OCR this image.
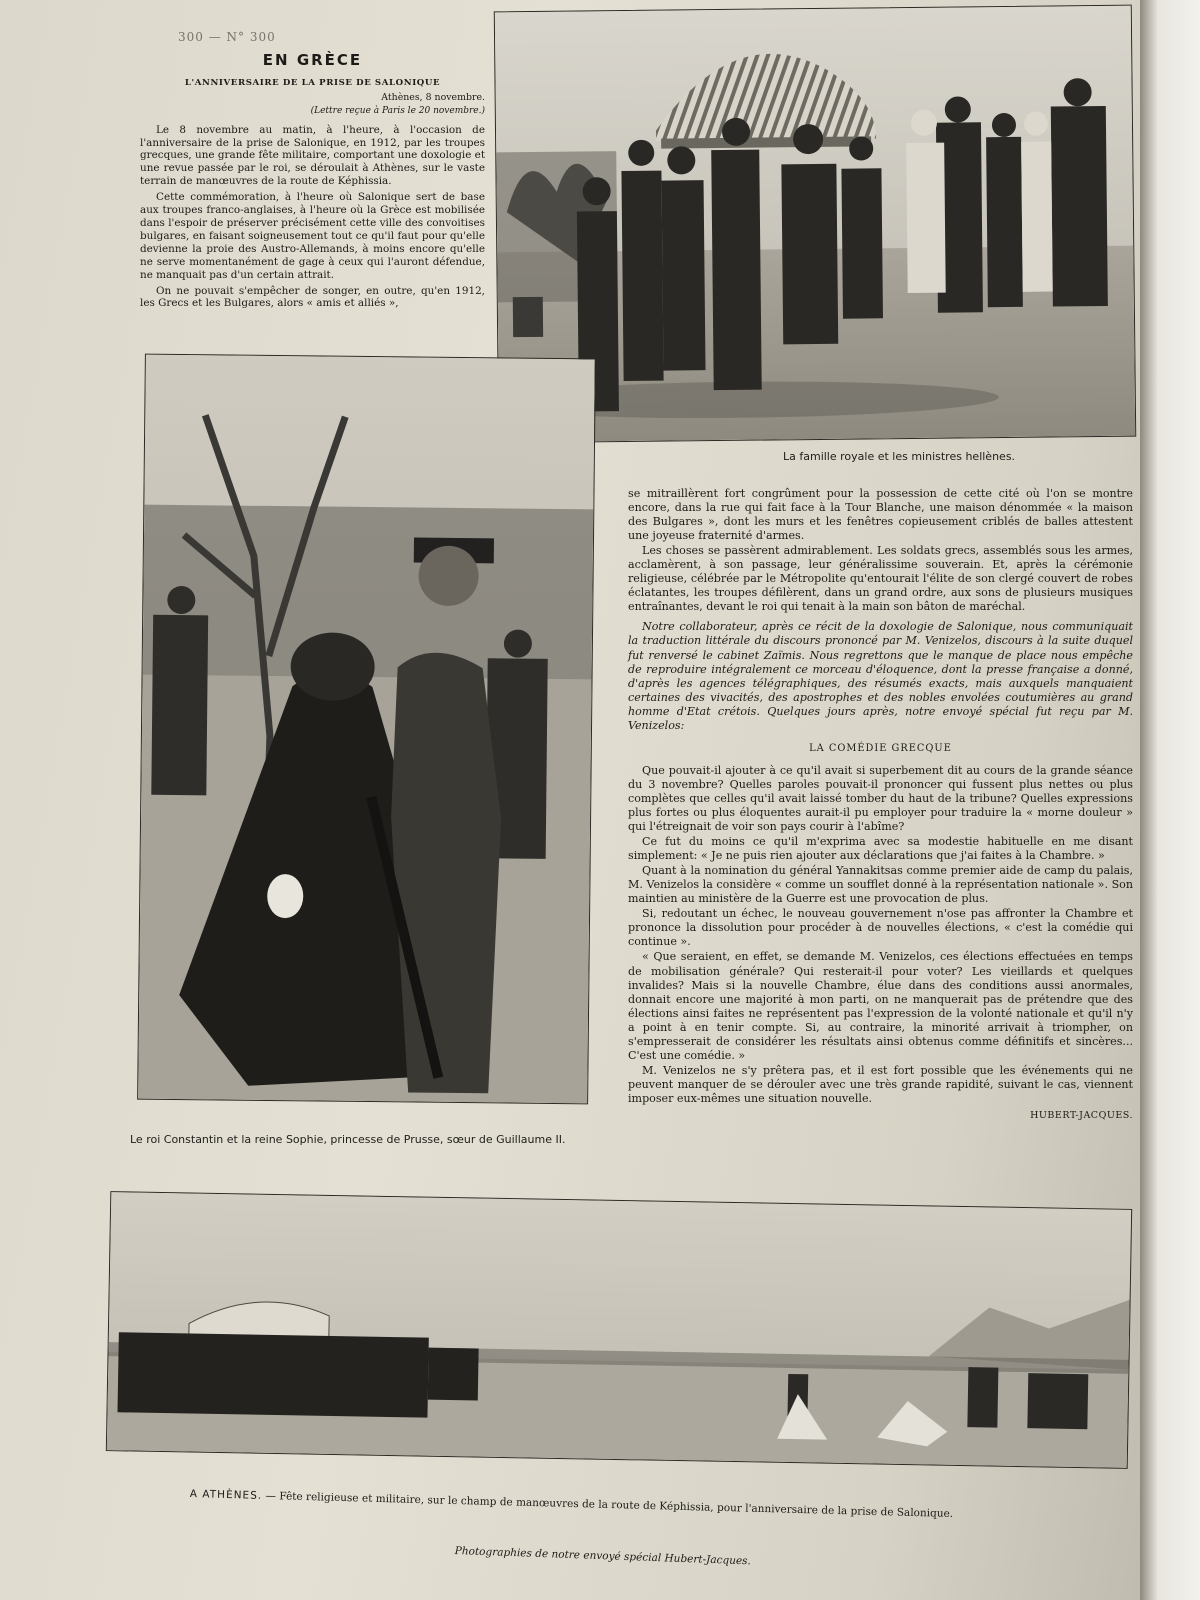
300 — N° 300
EN GRÈCE
L'ANNIVERSAIRE DE LA PRISE DE SALONIQUE
Athènes, 8 novembre.
(Lettre reçue à Paris le 20 novembre.)

Le 8 novembre au matin, à l'heure, à l'occasion de l'anniversaire de la prise de Salonique, en 1912, par les troupes grecques, une grande fête militaire, comportant une doxologie et une revue passée par le roi, se déroulait à Athènes, sur le vaste terrain de manœuvres de la route de Képhissia.

Cette commémoration, à l'heure où Salonique sert de base aux troupes franco-anglaises, à l'heure où la Grèce est mobilisée dans l'espoir de préserver précisément cette ville des convoitises bulgares, en faisant soigneusement tout ce qu'il faut pour qu'elle devienne la proie des Austro-Allemands, à moins encore qu'elle ne serve momentanément de gage à ceux qui l'auront défendue, ne manquait pas d'un certain attrait.

On ne pouvait s'empêcher de songer, en outre, qu'en 1912, les Grecs et les Bulgares, alors « amis et alliés »,

La famille royale et les ministres hellènes.
Le roi Constantin et la reine Sophie, princesse de Prusse, sœur de Guillaume II.

se mitraillèrent fort congrûment pour la possession de cette cité où l'on se montre encore, dans la rue qui fait face à la Tour Blanche, une maison dénommée « la maison des Bulgares », dont les murs et les fenêtres copieusement criblés de balles attestent une joyeuse fraternité d'armes.

Les choses se passèrent admirablement. Les soldats grecs, assemblés sous les armes, acclamèrent, à son passage, leur généralissime souverain. Et, après la cérémonie religieuse, célébrée par le Métropolite qu'entourait l'élite de son clergé couvert de robes éclatantes, les troupes défilèrent, dans un grand ordre, aux sons de plusieurs musiques entraînantes, devant le roi qui tenait à la main son bâton de maréchal.

Notre collaborateur, après ce récit de la doxologie de Salonique, nous communiquait la traduction littérale du discours prononcé par M. Venizelos, discours à la suite duquel fut renversé le cabinet Zaïmis. Nous regrettons que le manque de place nous empêche de reproduire intégralement ce morceau d'éloquence, dont la presse française a donné, d'après les agences télégraphiques, des résumés exacts, mais auxquels manquaient certaines des vivacités, des apostrophes et des nobles envolées coutumières au grand homme d'Etat crétois. Quelques jours après, notre envoyé spécial fut reçu par M. Venizelos:

LA COMÉDIE GRECQUE

Que pouvait-il ajouter à ce qu'il avait si superbement dit au cours de la grande séance du 3 novembre? Quelles paroles pouvait-il prononcer qui fussent plus nettes ou plus complètes que celles qu'il avait laissé tomber du haut de la tribune? Quelles expressions plus fortes ou plus éloquentes aurait-il pu employer pour traduire la « morne douleur » qui l'étreignait de voir son pays courir à l'abîme?

Ce fut du moins ce qu'il m'exprima avec sa modestie habituelle en me disant simplement: « Je ne puis rien ajouter aux déclarations que j'ai faites à la Chambre. »

Quant à la nomination du général Yannakitsas comme premier aide de camp du palais, M. Venizelos la considère « comme un soufflet donné à la représentation nationale ». Son maintien au ministère de la Guerre est une provocation de plus.

Si, redoutant un échec, le nouveau gouvernement n'ose pas affronter la Chambre et prononce la dissolution pour procéder à de nouvelles élections, « c'est la comédie qui continue ».

« Que seraient, en effet, se demande M. Venizelos, ces élections effectuées en temps de mobilisation générale? Qui resterait-il pour voter? Les vieillards et quelques invalides? Mais si la nouvelle Chambre, élue dans des conditions aussi anormales, donnait encore une majorité à mon parti, on ne manquerait pas de prétendre que des élections ainsi faites ne représentent pas l'expression de la volonté nationale et qu'il n'y a point à en tenir compte. Si, au contraire, la minorité arrivait à triompher, on s'empresserait de considérer les résultats ainsi obtenus comme définitifs et sincères... C'est une comédie. »

M. Venizelos ne s'y prêtera pas, et il est fort possible que les événements qui ne peuvent manquer de se dérouler avec une très grande rapidité, suivant le cas, viennent imposer eux-mêmes une situation nouvelle.

HUBERT-JACQUES.
A ATHÈNES. — Fête religieuse et militaire, sur le champ de manœuvres de la route de Képhissia, pour l'anniversaire de la prise de Salonique.
Photographies de notre envoyé spécial Hubert-Jacques.
